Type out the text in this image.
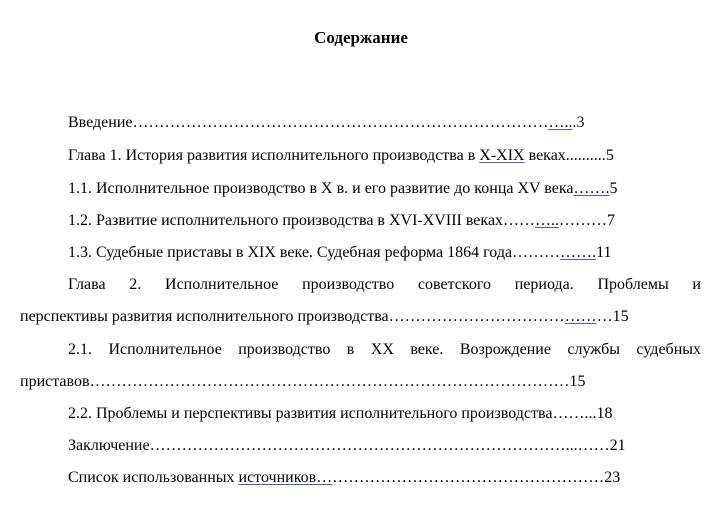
Содержание
Введение………………………………………………………………………...3
Глава 1. История развития исполнительного производства в X-XIX веках..........5
1.1. Исполнительное производство в X в. и его развитие до конца XV века…….5
1.2. Развитие исполнительного производства в XVI-XVIII веках………..………7
1.3. Судебные приставы в XIX веке. Судебная реформа 1864 года…………….11
Глава 2. Исполнительное производство советского периода. Проблемы и
перспективы развития исполнительного производства……………………………………15
2.1. Исполнительное производство в XX веке. Возрождение службы судебных
приставов………………………………………………………………………………15
2.2. Проблемы и перспективы развития исполнительного производства……...18
Заключение……………………………………………………………………...……21
Список использованных источников………………………………………………23
